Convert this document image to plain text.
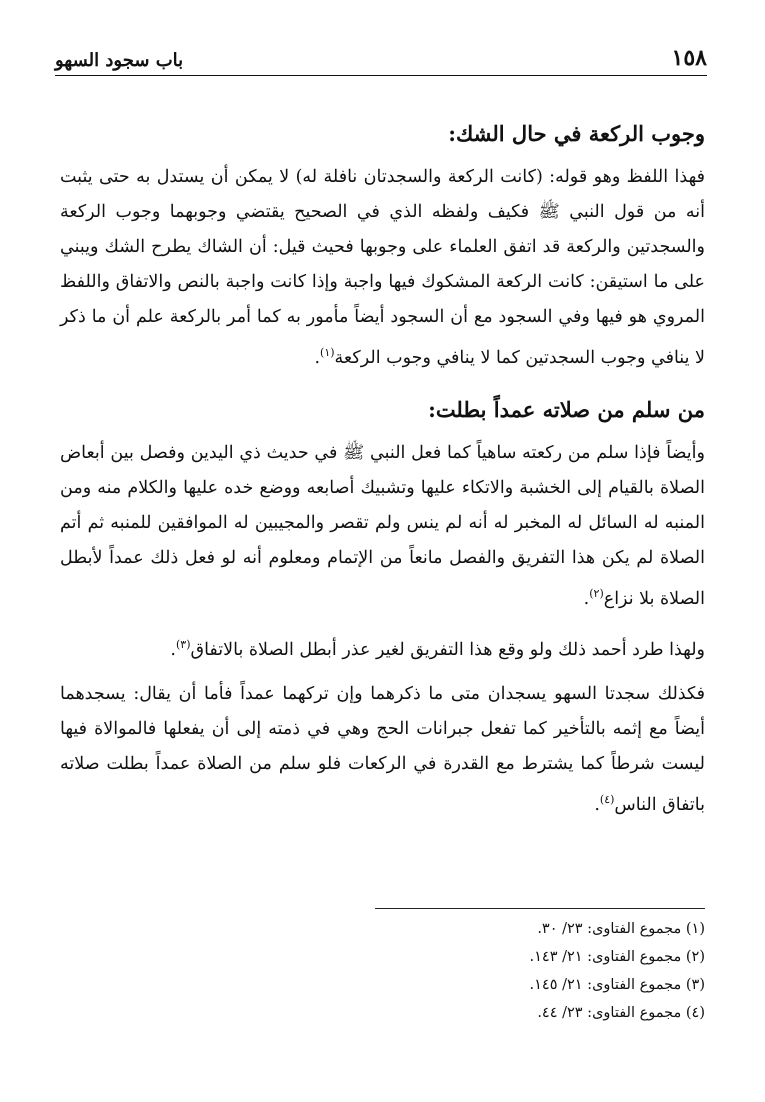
١٥٨
باب سجود السهو
وجوب الركعة في حال الشك:

فهذا اللفظ وهو قوله: (كانت الركعة والسجدتان نافلة له) لا يمكن أن يستدل به حتى يثبت أنه من قول النبي ﷺ فكيف ولفظه الذي في الصحيح يقتضي وجوبهما وجوب الركعة والسجدتين والركعة قد اتفق العلماء على وجوبها فحيث قيل: أن الشاك يطرح الشك ويبني على ما استيقن: كانت الركعة المشكوك فيها واجبة وإذا كانت واجبة بالنص والاتفاق واللفظ المروي هو فيها وفي السجود مع أن السجود أيضاً مأمور به كما أمر بالركعة علم أن ما ذكر لا ينافي وجوب السجدتين كما لا ينافي وجوب الركعة$^{(١)}$.

من سلم من صلاته عمداً بطلت:

وأيضاً فإذا سلم من ركعته ساهياً كما فعل النبي ﷺ في حديث ذي اليدين وفصل بين أبعاض الصلاة بالقيام إلى الخشبة والاتكاء عليها وتشبيك أصابعه ووضع خده عليها والكلام منه ومن المنبه له السائل له المخبر له أنه لم ينس ولم تقصر والمجيبين له الموافقين للمنبه ثم أتم الصلاة لم يكن هذا التفريق والفصل مانعاً من الإتمام ومعلوم أنه لو فعل ذلك عمداً لأبطل الصلاة بلا نزاع$^{(٢)}$.

ولهذا طرد أحمد ذلك ولو وقع هذا التفريق لغير عذر أبطل الصلاة بالاتفاق$^{(٣)}$.

فكذلك سجدتا السهو يسجدان متى ما ذكرهما وإن تركهما عمداً فأما أن يقال: يسجدهما أيضاً مع إثمه بالتأخير كما تفعل جبرانات الحج وهي في ذمته إلى أن يفعلها فالموالاة فيها ليست شرطاً كما يشترط مع القدرة في الركعات فلو سلم من الصلاة عمداً بطلت صلاته باتفاق الناس$^{(٤)}$.

(١) مجموع الفتاوى: ٢٣/ ٣٠.
(٢) مجموع الفتاوى: ٢١/ ١٤٣.
(٣) مجموع الفتاوى: ٢١/ ١٤٥.
(٤) مجموع الفتاوى: ٢٣/ ٤٤.
